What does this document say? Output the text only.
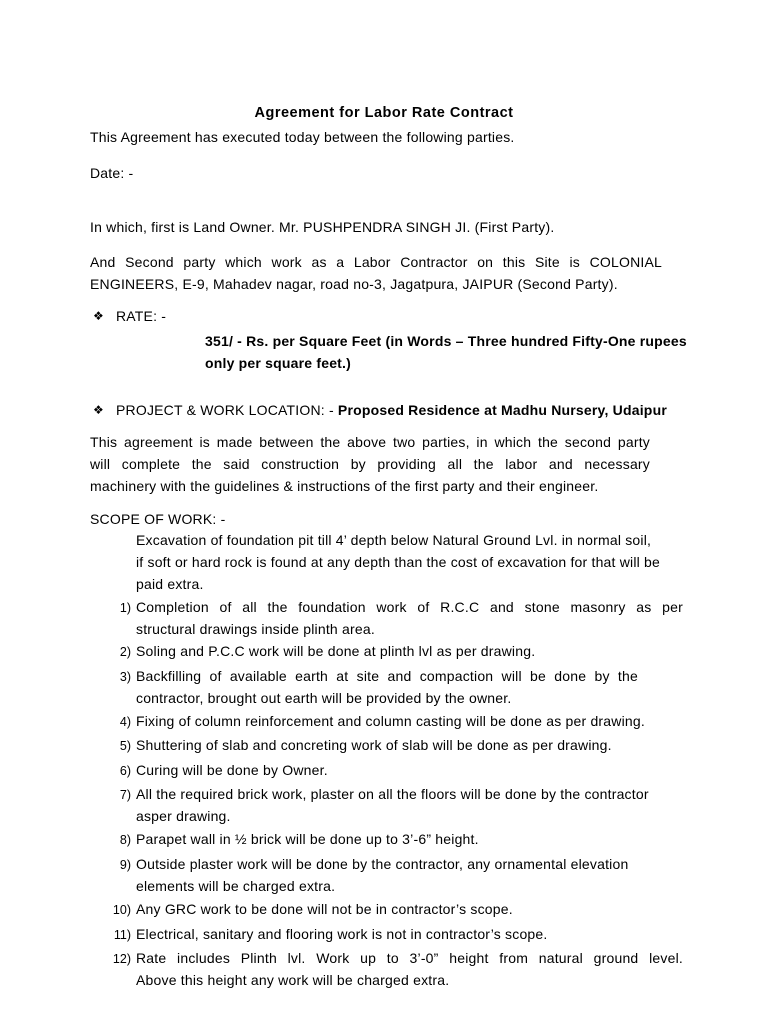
Agreement for Labor Rate Contract
This Agreement has executed today between the following parties.
Date: -
In which, first is Land Owner. Mr. PUSHPENDRA SINGH JI. (First Party).
And Second party which work as a Labor Contractor on this Site is COLONIAL
ENGINEERS, E-9, Mahadev nagar, road no-3, Jagatpura, JAIPUR (Second Party).
❖ RATE: -
351/ - Rs. per Square Feet (in Words – Three hundred Fifty-One rupees
only per square feet.)
❖ PROJECT & WORK LOCATION: - Proposed Residence at Madhu Nursery, Udaipur
This agreement is made between the above two parties, in which the second party
will complete the said construction by providing all the labor and necessary
machinery with the guidelines & instructions of the first party and their engineer.
SCOPE OF WORK: -
Excavation of foundation pit till 4’ depth below Natural Ground Lvl. in normal soil,
if soft or hard rock is found at any depth than the cost of excavation for that will be
paid extra.
1) Completion of all the foundation work of R.C.C and stone masonry as per
structural drawings inside plinth area.
2) Soling and P.C.C work will be done at plinth lvl as per drawing.
3) Backfilling of available earth at site and compaction will be done by the
contractor, brought out earth will be provided by the owner.
4) Fixing of column reinforcement and column casting will be done as per drawing.
5) Shuttering of slab and concreting work of slab will be done as per drawing.
6) Curing will be done by Owner.
7) All the required brick work, plaster on all the floors will be done by the contractor
asper drawing.
8) Parapet wall in ½ brick will be done up to 3’-6” height.
9) Outside plaster work will be done by the contractor, any ornamental elevation
elements will be charged extra.
10) Any GRC work to be done will not be in contractor’s scope.
11) Electrical, sanitary and flooring work is not in contractor’s scope.
12) Rate includes Plinth lvl. Work up to 3’-0” height from natural ground level.
Above this height any work will be charged extra.
